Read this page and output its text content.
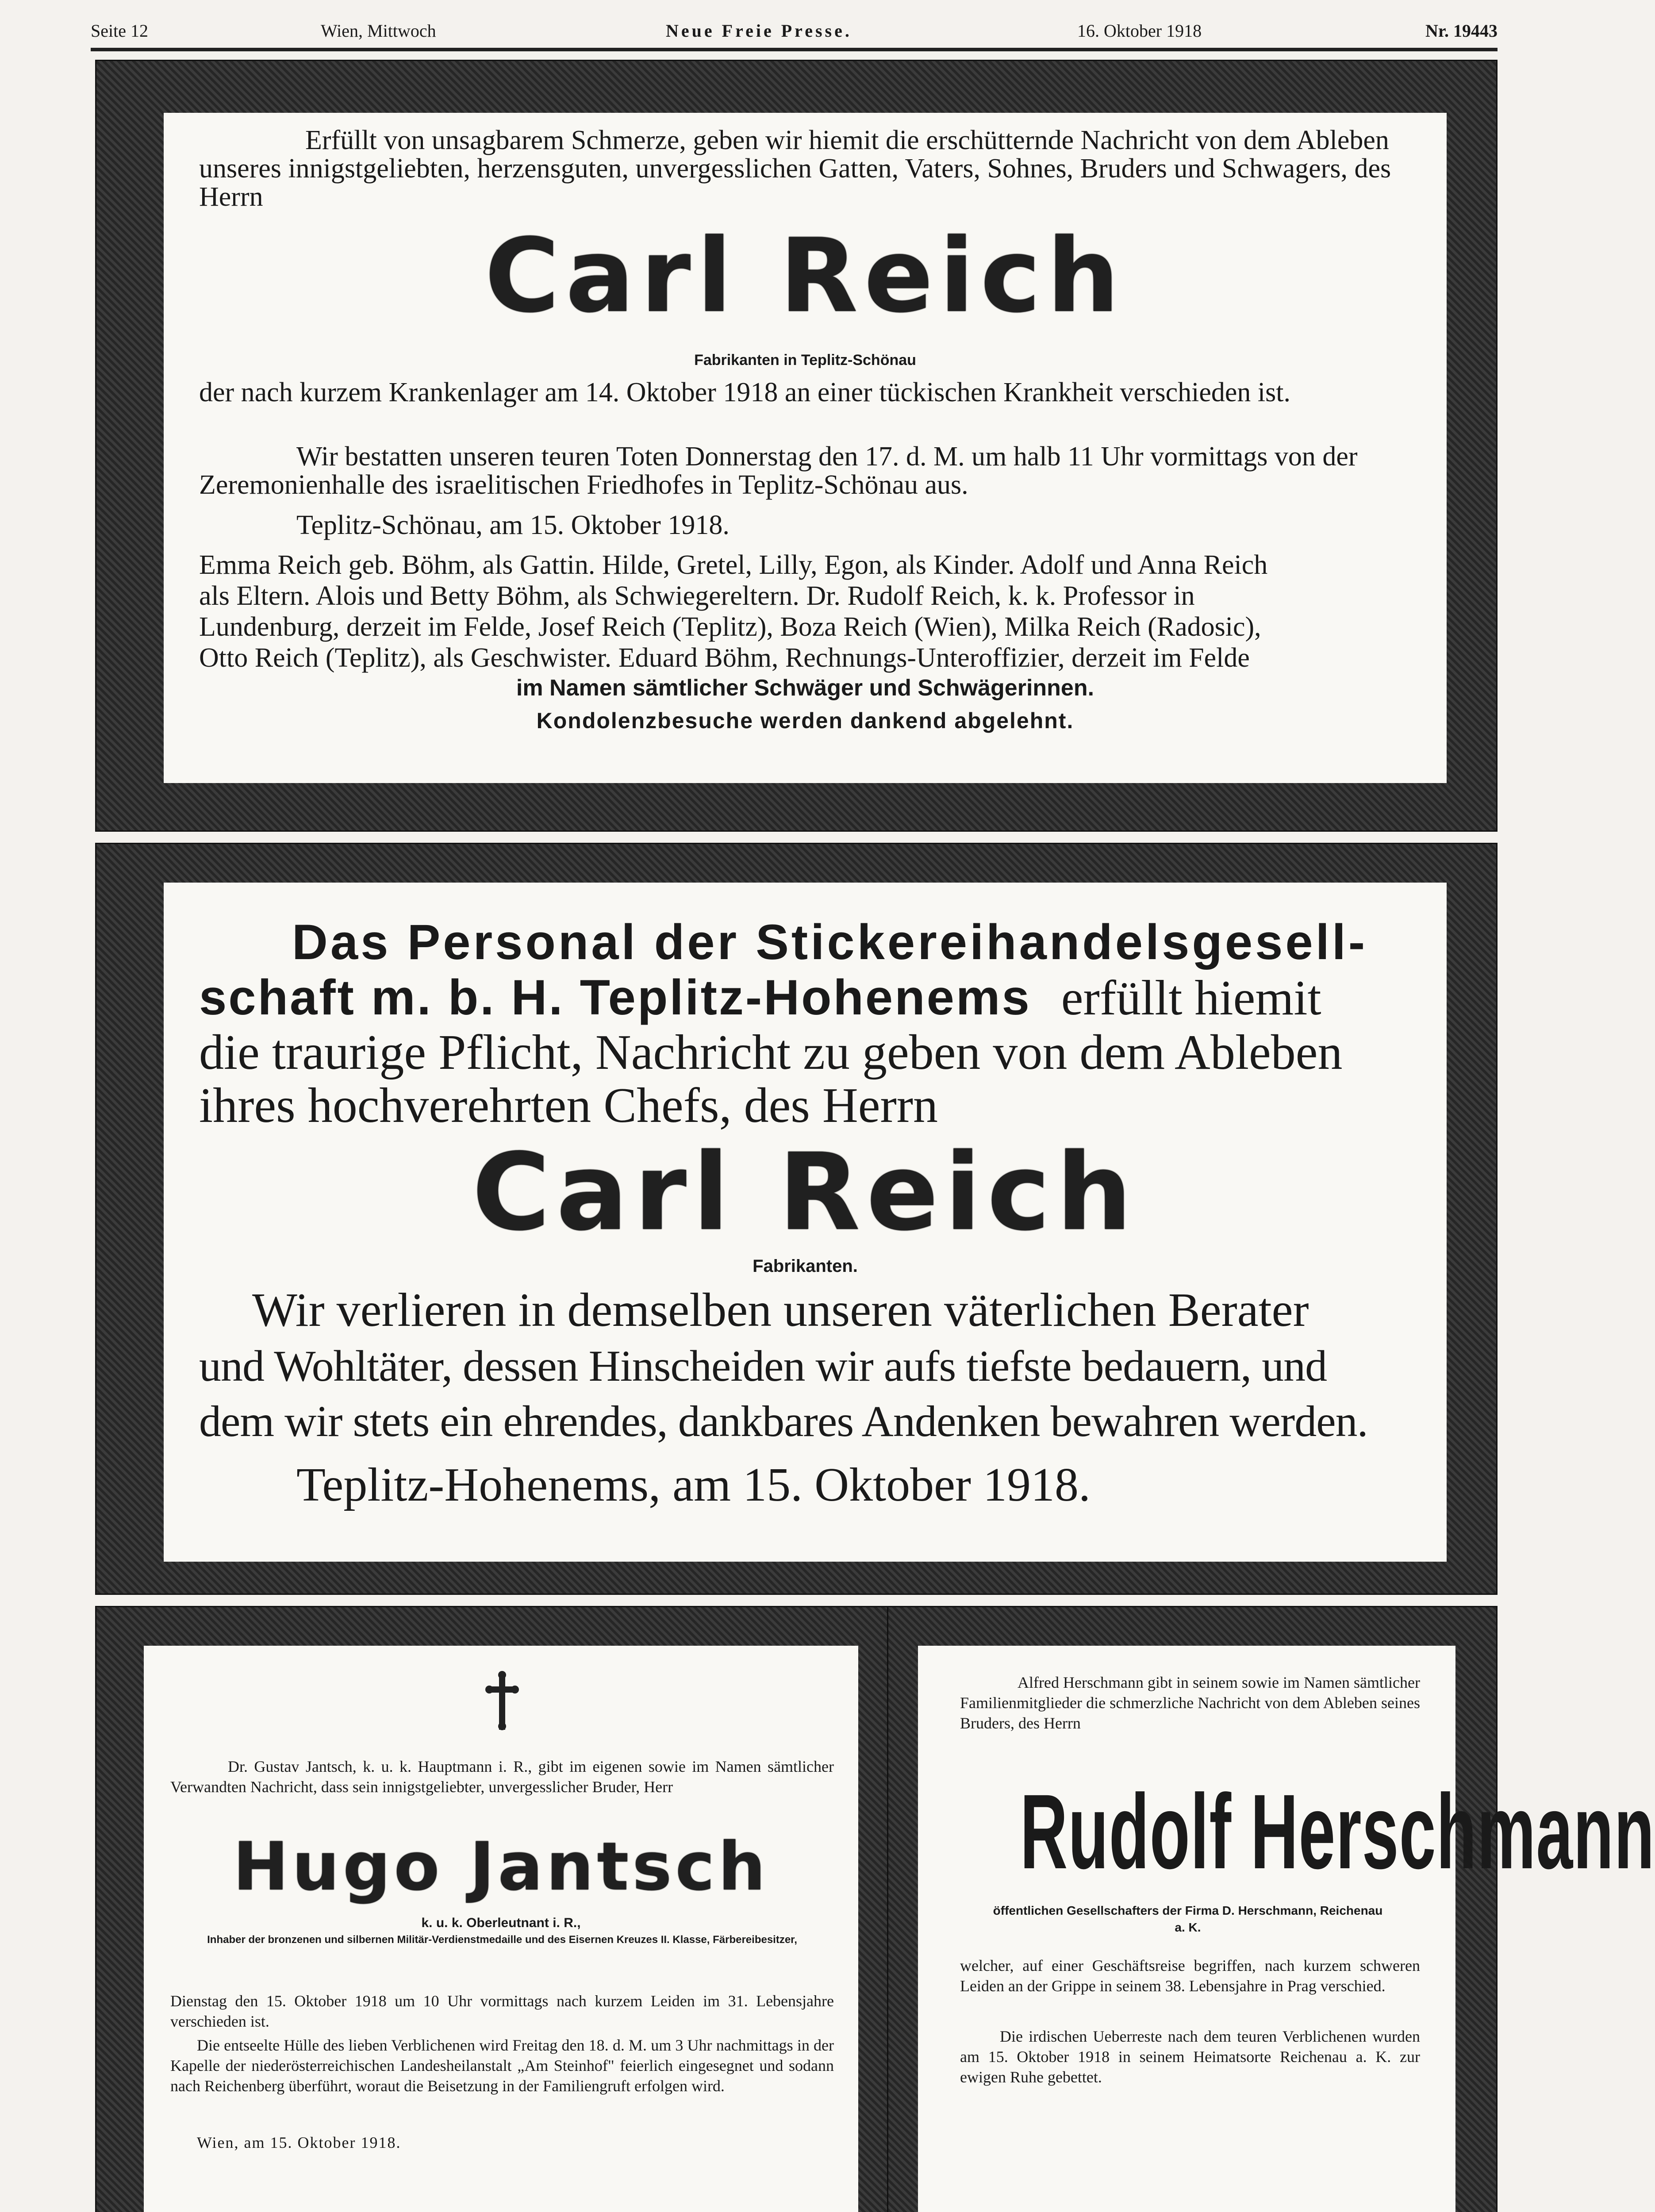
Seite 12	Wien, Mittwoch	Neue Freie Presse.	16. Oktober 1918	Nr. 19443
Erfüllt von unsagbarem Schmerze, geben wir hiemit die erschütternde Nachricht von dem Ableben unseres innigstgeliebten, herzensguten, unvergesslichen Gatten, Vaters, Sohnes, Bruders und Schwagers, des Herrn
Carl Reich
Fabrikanten in Teplitz-Schönau
der nach kurzem Krankenlager am 14. Oktober 1918 an einer tückischen Krankheit verschieden ist.
Wir bestatten unseren teuren Toten Donnerstag den 17. d. M. um halb 11 Uhr vormittags von der Zeremonienhalle des israelitischen Friedhofes in Teplitz-Schönau aus.
Teplitz-Schönau, am 15. Oktober 1918.
Emma Reich geb. Böhm, als Gattin. Hilde, Gretel, Lilly, Egon, als Kinder. Adolf und Anna Reich
als Eltern. Alois und Betty Böhm, als Schwiegereltern. Dr. Rudolf Reich, k. k. Professor in
Lundenburg, derzeit im Felde, Josef Reich (Teplitz), Boza Reich (Wien), Milka Reich (Radosic),
Otto Reich (Teplitz), als Geschwister. Eduard Böhm, Rechnungs-Unteroffizier, derzeit im Felde
im Namen sämtlicher Schwäger und Schwägerinnen.
Kondolenzbesuche werden dankend abgelehnt.
Das Personal der Stickereihandelsgesell-
schaft m. b. H. Teplitz-Hohenems erfüllt hiemit
die traurige Pflicht, Nachricht zu geben von dem Ableben
ihres hochverehrten Chefs, des Herrn
Carl Reich
Fabrikanten.
Wir verlieren in demselben unseren väterlichen Berater
und Wohltäter, dessen Hinscheiden wir aufs tiefste bedauern, und
dem wir stets ein ehrendes, dankbares Andenken bewahren werden.
Teplitz-Hohenems, am 15. Oktober 1918.
Dr. Gustav Jantsch, k. u. k. Hauptmann i. R., gibt im eigenen sowie im Namen sämtlicher Verwandten Nachricht, dass sein innigstgeliebter, unvergesslicher Bruder, Herr
Hugo Jantsch
k. u. k. Oberleutnant i. R.,
Inhaber der bronzenen und silbernen Militär-Verdienstmedaille und des Eisernen Kreuzes II. Klasse, Färbereibesitzer,
Dienstag den 15. Oktober 1918 um 10 Uhr vormittags nach kurzem Leiden im 31. Lebensjahre verschieden ist.
Die entseelte Hülle des lieben Verblichenen wird Freitag den 18. d. M. um 3 Uhr nachmittags in der Kapelle der niederösterreichischen Landesheilanstalt „Am Steinhof" feierlich eingesegnet und sodann nach Reichenberg überführt, woraut die Beisetzung in der Familiengruft erfolgen wird.
Wien, am 15. Oktober 1918.
Alfred Herschmann gibt in seinem sowie im Namen sämtlicher Familienmitglieder die schmerzliche Nachricht von dem Ableben seines Bruders, des Herrn
Rudolf Herschmann
öffentlichen Gesellschafters der Firma D. Herschmann, Reichenau a. K.
welcher, auf einer Geschäftsreise begriffen, nach kurzem schweren Leiden an der Grippe in seinem 38. Lebensjahre in Prag verschied.
Die irdischen Ueberreste nach dem teuren Verblichenen wurden am 15. Oktober 1918 in seinem Heimatsorte Reichenau a. K. zur ewigen Ruhe gebettet.
